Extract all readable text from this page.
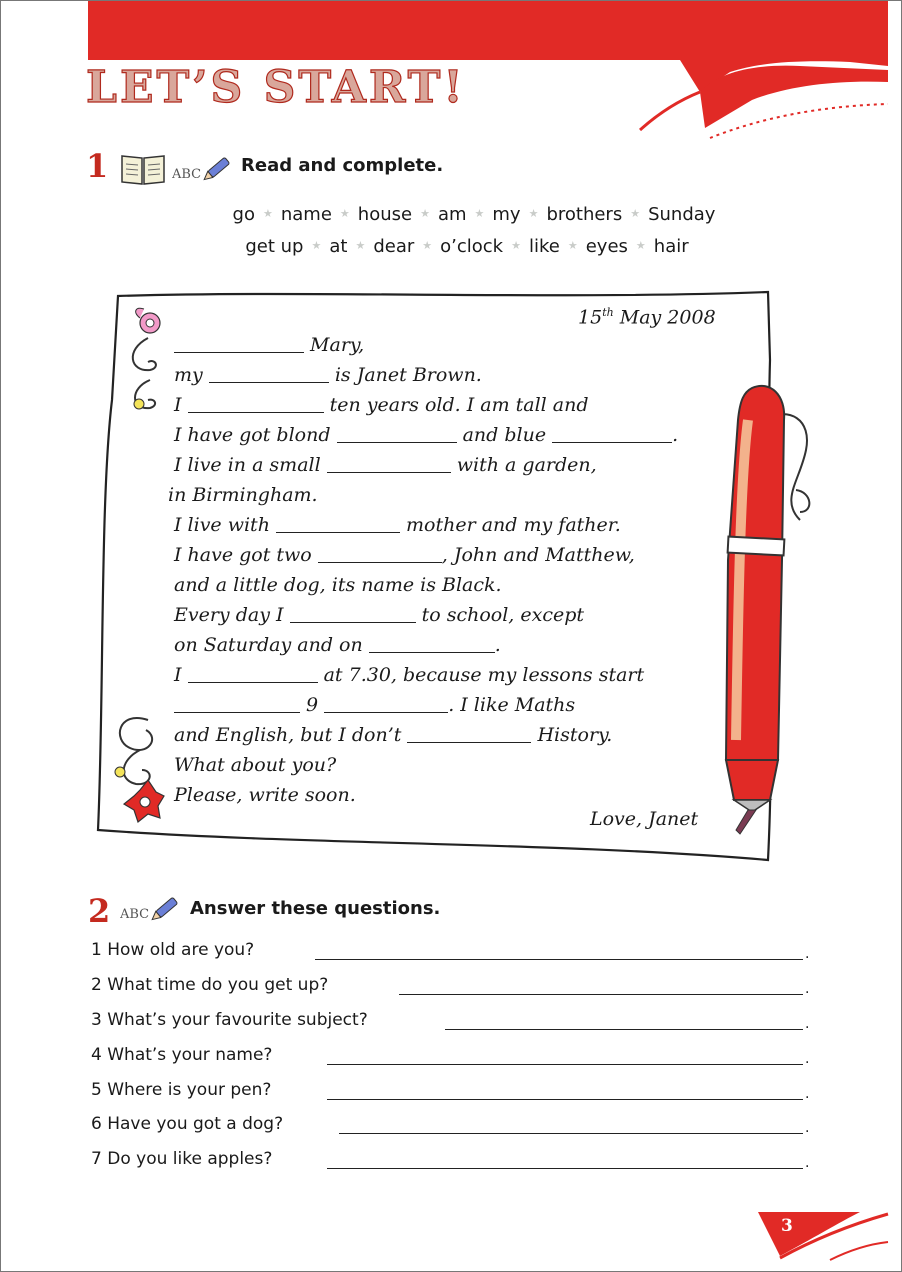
LET’S START!
1	ABC Read and complete.
go ★ name ★ house ★ am ★ my ★ brothers ★ Sunday
get up ★ at ★ dear ★ o’clock ★ like ★ eyes ★ hair
15th May 2008
Mary,
my	is Janet Brown.
I	ten years old. I am tall and
I have got blond	and blue	.
I live in a small	with a garden,
in Birmingham.
I live with	mother and my father.
I have got two	, John and Matthew,
and a little dog, its name is Black.
Every day I	to school, except
on Saturday and on	.
I	at 7.30, because my lessons start
9	. I like Maths
and English, but I don’t	History.
What about you?
Please, write soon.
Love, Janet
2 ABC Answer these questions.
1 How old are you?	.
2 What time do you get up?	.
3 What’s your favourite subject?	.
4 What’s your name?	.
5 Where is your pen?	.
6 Have you got a dog?	.
7 Do you like apples?	.
3
